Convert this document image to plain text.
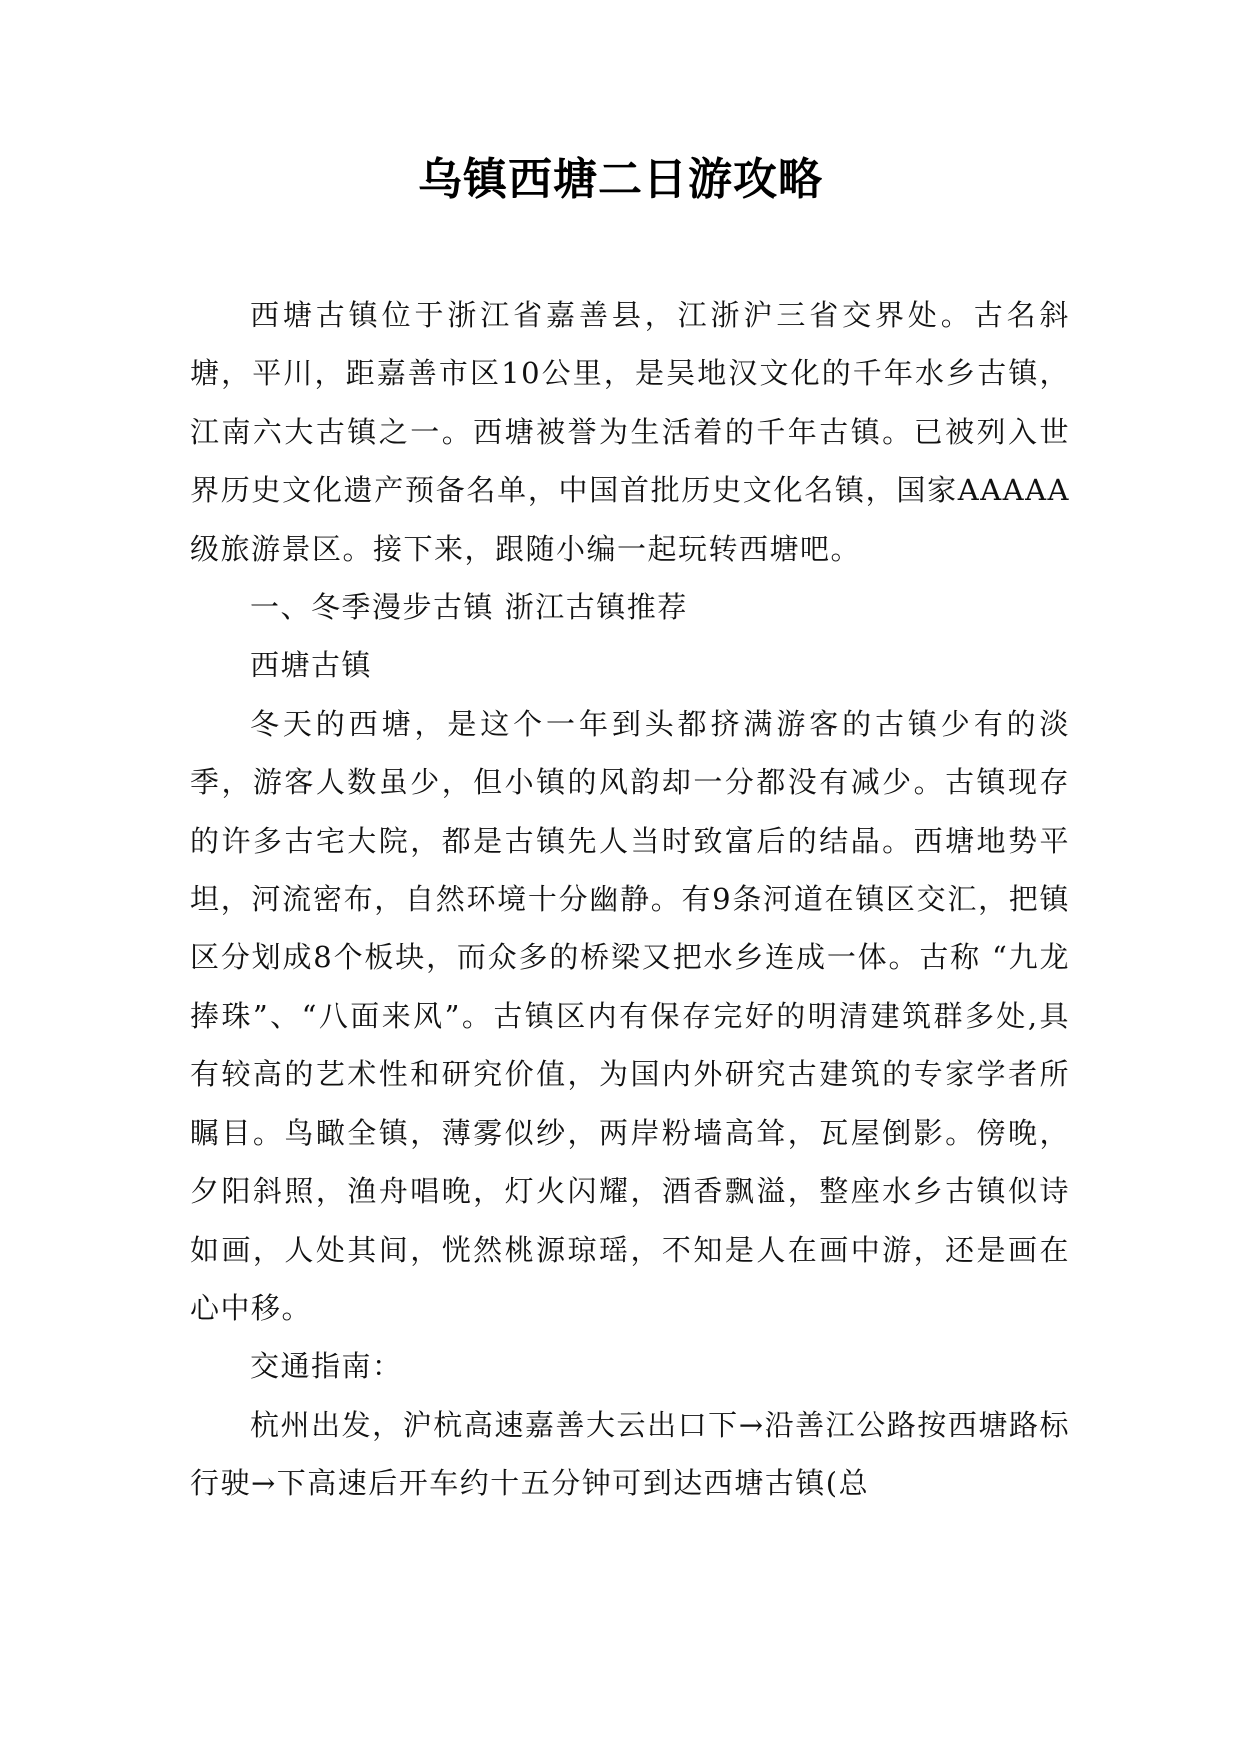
乌镇西塘二日游攻略

西塘古镇位于浙江省嘉善县，江浙沪三省交界处。古名斜塘，平川，距嘉善市区10公里，是吴地汉文化的千年水乡古镇，江南六大古镇之一。西塘被誉为生活着的千年古镇。已被列入世界历史文化遗产预备名单，中国首批历史文化名镇，国家AAAAA级旅游景区。接下来，跟随小编一起玩转西塘吧。

一、冬季漫步古镇 浙江古镇推荐

西塘古镇

冬天的西塘，是这个一年到头都挤满游客的古镇少有的淡季，游客人数虽少，但小镇的风韵却一分都没有减少。古镇现存的许多古宅大院，都是古镇先人当时致富后的结晶。西塘地势平坦，河流密布，自然环境十分幽静。有9条河道在镇区交汇，把镇区分划成8个板块，而众多的桥梁又把水乡连成一体。古称 “九龙捧珠”、“八面来风”。古镇区内有保存完好的明清建筑群多处,具有较高的艺术性和研究价值，为国内外研究古建筑的专家学者所瞩目。鸟瞰全镇，薄雾似纱，两岸粉墙高耸，瓦屋倒影。傍晚，夕阳斜照，渔舟唱晚，灯火闪耀，酒香飘溢，整座水乡古镇似诗如画，人处其间，恍然桃源琼瑶，不知是人在画中游，还是画在心中移。

交通指南：

杭州出发，沪杭高速嘉善大云出口下→沿善江公路按西塘路标行驶→下高速后开车约十五分钟可到达西塘古镇(总
